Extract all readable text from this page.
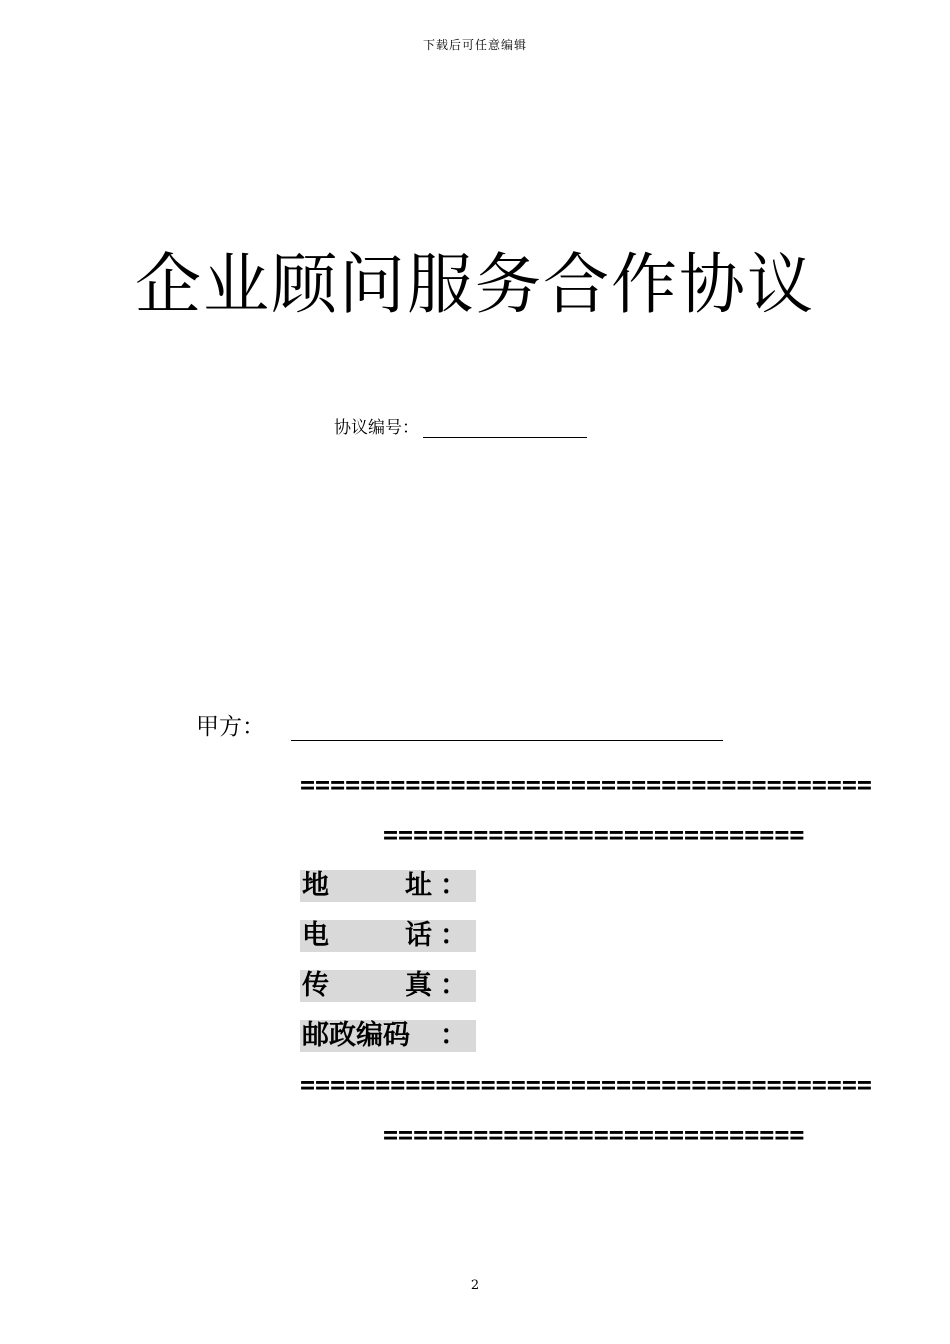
下载后可任意编辑
企业顾问服务合作协议
协议编号：
甲方：
======================================
============================
地	址 ：
电	话 ：
传	真 ：
邮政编码 ：
======================================
============================
2
